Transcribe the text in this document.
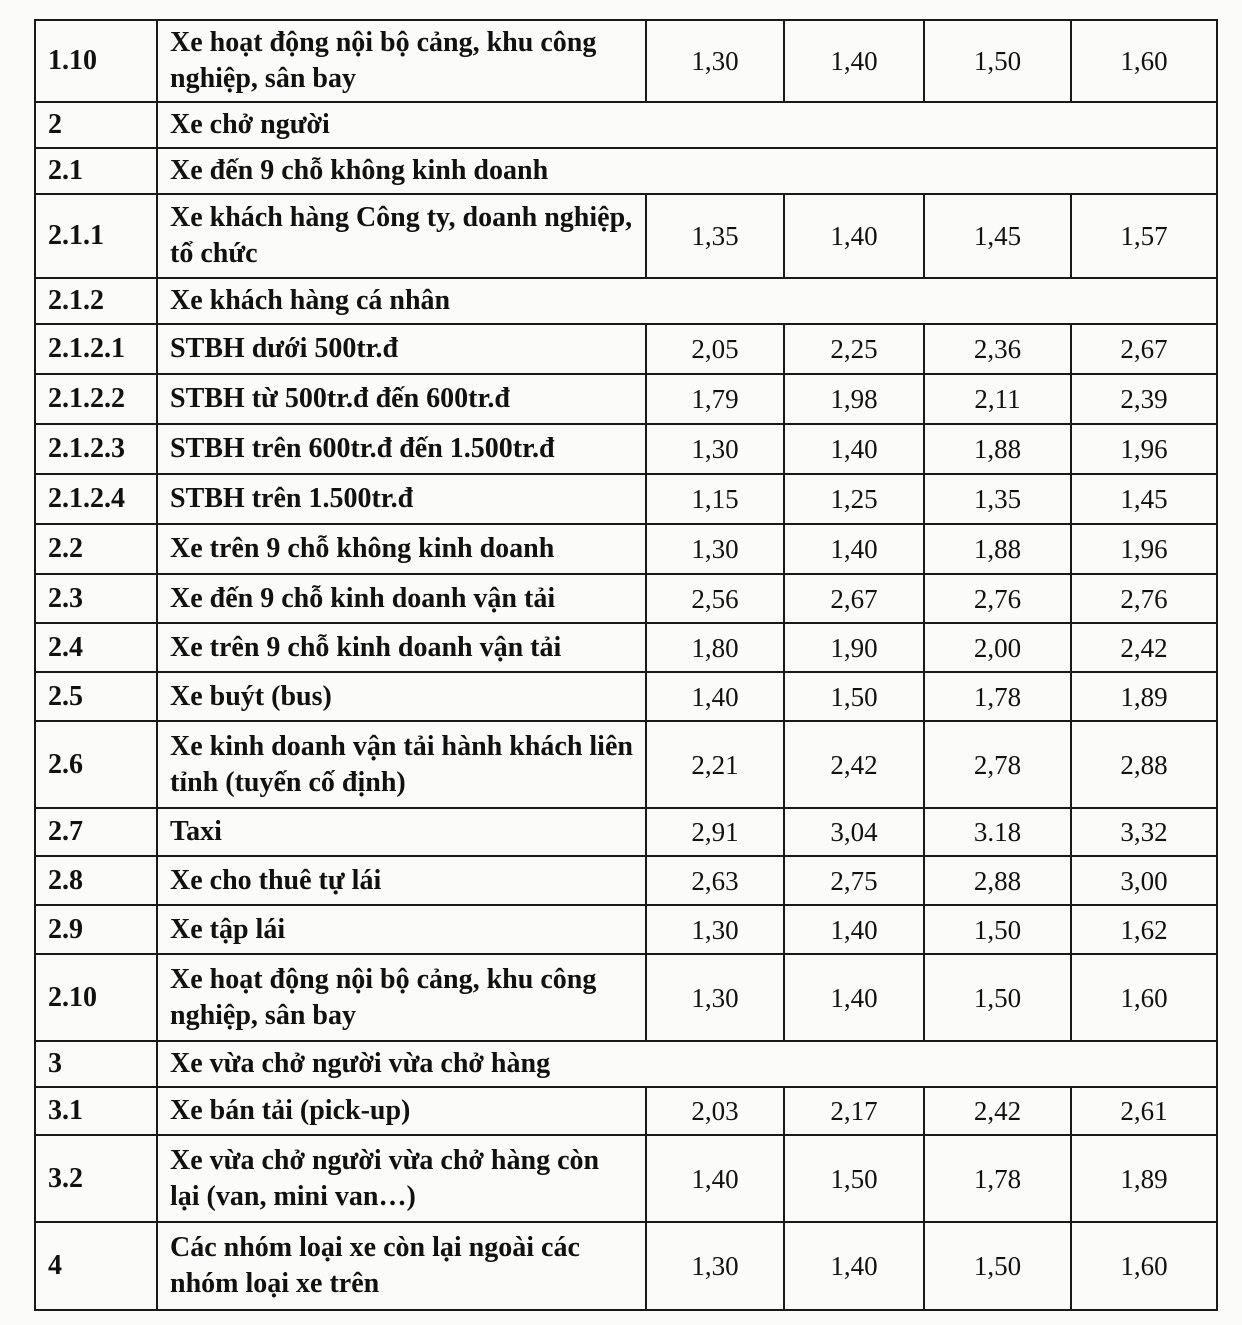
1.10	Xe hoạt động nội bộ cảng, khu công nghiệp, sân bay	1,30	1,40	1,50	1,60
2	Xe chở người				
2.1	Xe đến 9 chỗ không kinh doanh				
2.1.1	Xe khách hàng Công ty, doanh nghiệp, tổ chức	1,35	1,40	1,45	1,57
2.1.2	Xe khách hàng cá nhân				
2.1.2.1	STBH dưới 500tr.đ	2,05	2,25	2,36	2,67
2.1.2.2	STBH từ 500tr.đ đến 600tr.đ	1,79	1,98	2,11	2,39
2.1.2.3	STBH trên 600tr.đ đến 1.500tr.đ	1,30	1,40	1,88	1,96
2.1.2.4	STBH trên 1.500tr.đ	1,15	1,25	1,35	1,45
2.2	Xe trên 9 chỗ không kinh doanh	1,30	1,40	1,88	1,96
2.3	Xe đến 9 chỗ kinh doanh vận tải	2,56	2,67	2,76	2,76
2.4	Xe trên 9 chỗ kinh doanh vận tải	1,80	1,90	2,00	2,42
2.5	Xe buýt (bus)	1,40	1,50	1,78	1,89
2.6	Xe kinh doanh vận tải hành khách liên tỉnh (tuyến cố định)	2,21	2,42	2,78	2,88
2.7	Taxi	2,91	3,04	3.18	3,32
2.8	Xe cho thuê tự lái	2,63	2,75	2,88	3,00
2.9	Xe tập lái	1,30	1,40	1,50	1,62
2.10	Xe hoạt động nội bộ cảng, khu công nghiệp, sân bay	1,30	1,40	1,50	1,60
3	Xe vừa chở người vừa chở hàng				
3.1	Xe bán tải (pick-up)	2,03	2,17	2,42	2,61
3.2	Xe vừa chở người vừa chở hàng còn lại (van, mini van…)	1,40	1,50	1,78	1,89
4	Các nhóm loại xe còn lại ngoài các nhóm loại xe trên	1,30	1,40	1,50	1,60
